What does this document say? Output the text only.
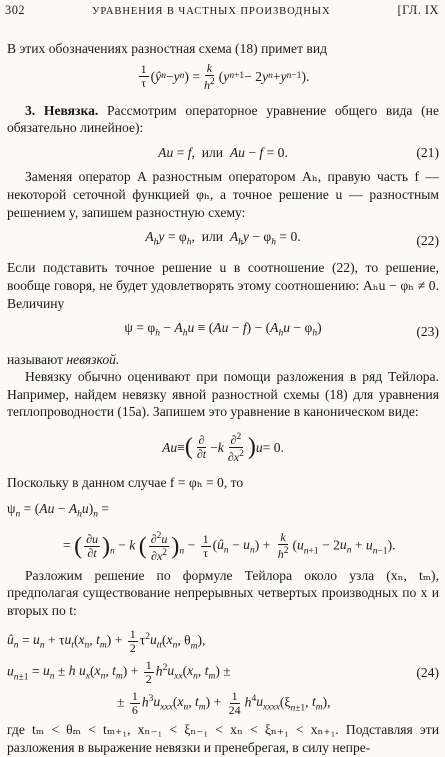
302	УРАВНЕНИЯ В ЧАСТНЫХ ПРОИЗВОДНЫХ	[ГЛ. IX

В этих обозначениях разностная схема (18) примет вид

$\frac{1}{\tau}$ ( ŷ n − y n ) = $\frac{k}{h^2}$ ( y n+1 − 2 y n + y n−1 ).

3. Невязка. Рассмотрим операторное уравнение общего вида (не обязательно линейное):

Au = f,  или  Au − f = 0.	(21)

Заменяя оператор A разностным оператором Aₕ, правую часть f — некоторой сеточной функцией φₕ, а точное решение u — разностным решением y, запишем разностную схему:

$A_hy = \varphi_h$,  или  $A_hy - \varphi_h = 0$.	(22)

Если подставить точное решение u в соотношение (22), то решение, вообще говоря, не будет удовлетворять этому соотношению: Aₕu − φₕ ≠ 0. Величину

$\psi = \varphi_h - A_hu \equiv (Au - f) - (A_hu - \varphi_h)$	(23)

называют невязкой.

Невязку обычно оценивают при помощи разложения в ряд Тейлора. Например, найдем невязку явной разностной схемы (18) для уравнения теплопроводности (15а). Запишем это уравнение в каноническом виде:

Au ≡ ( $\frac{\partial}{\partial t} - k \frac{\partial^2}{\partial x^2}$ ) u = 0.

Поскольку в данном случае f = φₕ = 0, то

$\psi_n = (Au - A_hu)_n$ =
= ( $\frac{\partial u}{\partial t} )_n - k$ ( $\frac{\partial^2u}{\partial x^2} )_n - \frac{1}{\tau}$ $(û_n - u_n) + \frac{k}{h^2} (u_{n+1} - 2u_n + u_{n-1})$.

Разложим решение по формуле Тейлора около узла (xₙ, tₘ), предполагая существование непрерывных четвертых производных по x и вторых по t:

$û_n = u_n + \tau u_t(x_n$, $t_m) + \frac{1}{2} \tau^2u_{tt}(x_n$, $\theta_m$),
$u_{n\pm 1} = u_n \pm h$ $u_x(x_n$, $t_m) + \frac{1}{2} h^2u_{xx}(x_n$, $t_m$) ±
± $\frac{1}{6} h^3u_{xxx}(x_n$, $t_m) + \frac{1}{24} h^4u_{xxxx}(\xi_{n\pm 1}$, $t_m$),
(24)

где tₘ < θₘ < tₘ₊₁, xₙ₋₁ < ξₙ₋₁ < xₙ < ξₙ₊₁ < xₙ₊₁. Подставляя эти разложения в выражение невязки и пренебрегая, в силу непре-
